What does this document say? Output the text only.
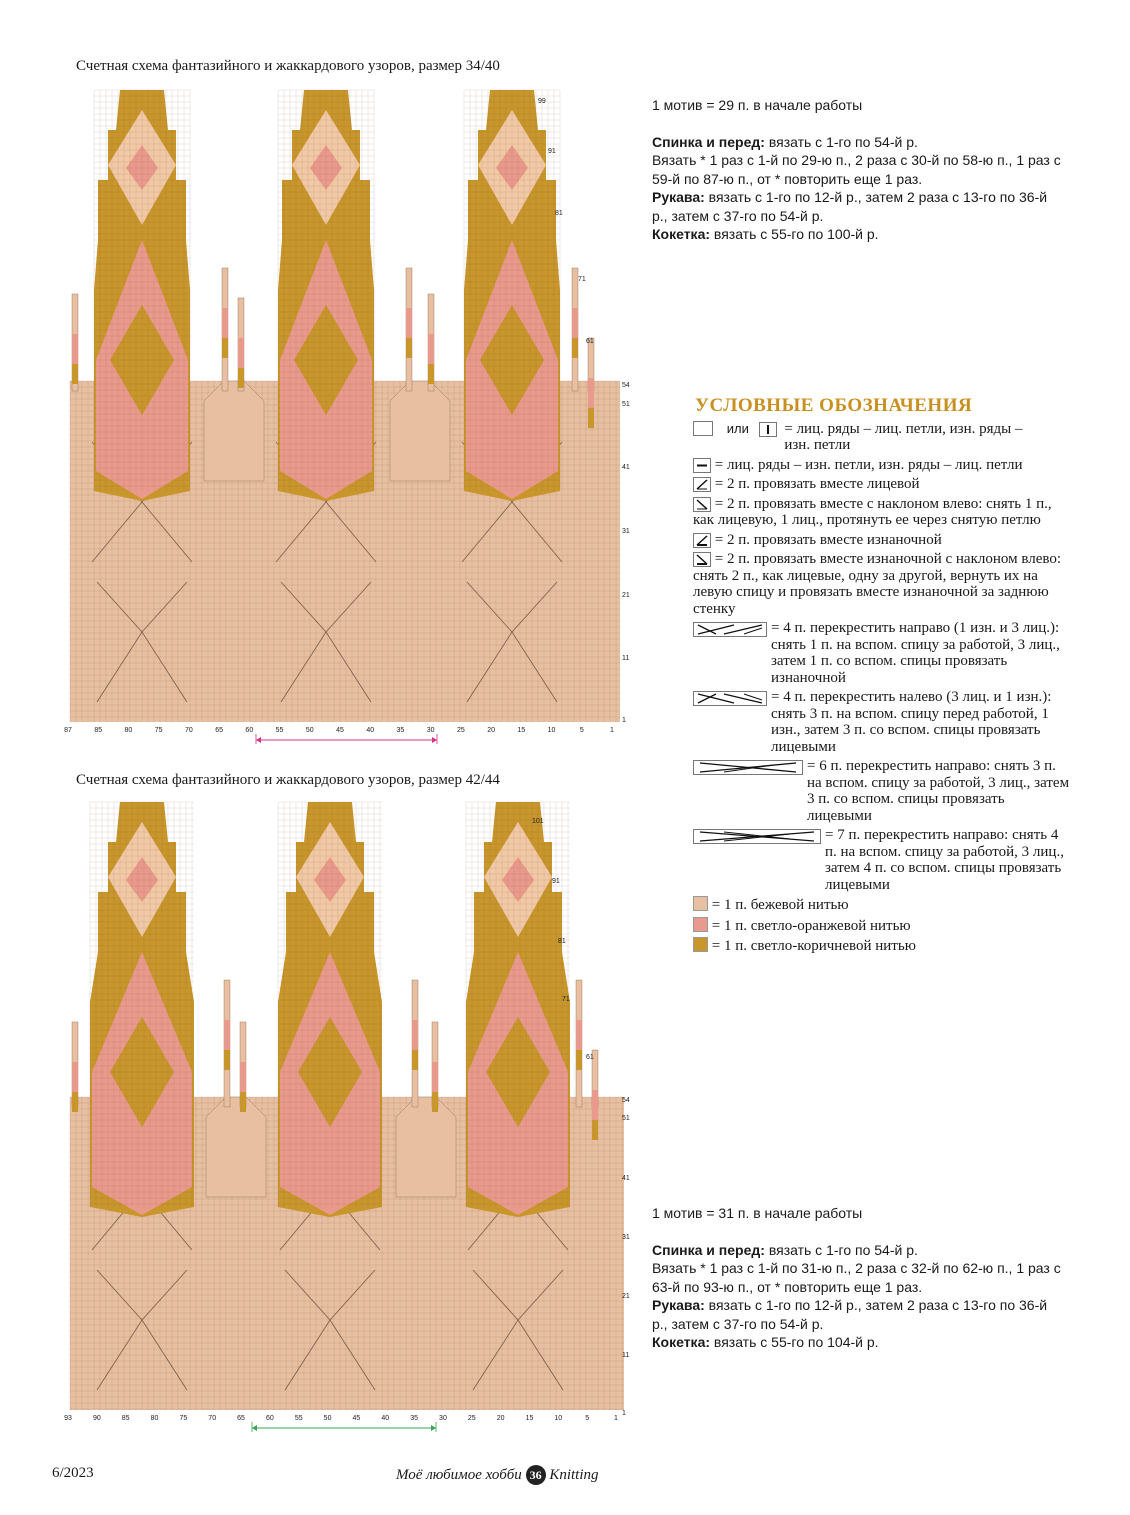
Счетная схема фантазийного и жаккардового узоров, размер 34/40
99
91
81
71
61
54
51
41
31
21
11
1
87	85	80	75	70	65	60	55	50	45	40	35	30	25	20	15	10	5	1
Счетная схема фантазийного и жаккардового узоров, размер 42/44
101
91
81
71
61
54
51
41
31
21
11
1
93	90	85	80	75	70	65	60	55	50	45	40	35	30	25	20	15	10	5	1

1 мотив = 29 п. в начале работы

Спинка и перед: вязать с 1-го по 54-й р.

Вязать * 1 раз с 1-й по 29-ю п., 2 раза с 30-й по 58-ю п., 1 раз с 59-й по 87-ю п., от * повторить еще 1 раз.

Рукава: вязать с 1-го по 12-й р., затем 2 раза с 13-го по 36-й р., затем с 37-го по 54-й р.

Кокетка: вязать с 55-го по 100-й р.

УСЛОВНЫЕ ОБОЗНАЧЕНИЯ
или = лиц. ряды – лиц. петли, изн. ряды – изн. петли
= лиц. ряды – изн. петли, изн. ряды – лиц. петли
= 2 п. провязать вместе лицевой
= 2 п. провязать вместе с наклоном влево: снять 1 п., как лицевую, 1 лиц., протянуть ее через снятую петлю
= 2 п. провязать вместе изнаночной
= 2 п. провязать вместе изнаночной с наклоном влево: снять 2 п., как лицевые, одну за другой, вернуть их на левую спицу и провязать вместе изнаночной за заднюю стенку
= 4 п. перекрестить направо (1 изн. и 3 лиц.): снять 1 п. на вспом. спицу за работой, 3 лиц., затем 1 п. со вспом. спицы провязать изнаночной
= 4 п. перекрестить налево (3 лиц. и 1 изн.): снять 3 п. на вспом. спицу перед работой, 1 изн., затем 3 п. со вспом. спицы провязать лицевыми
= 6 п. перекрестить направо: снять 3 п. на вспом. спицу за работой, 3 лиц., затем 3 п. со вспом. спицы провязать лицевыми
= 7 п. перекрестить направо: снять 4 п. на вспом. спицу за работой, 3 лиц., затем 4 п. со вспом. спицы провязать лицевыми
= 1 п. бежевой нитью
= 1 п. светло-оранжевой нитью
= 1 п. светло-коричневой нитью

1 мотив = 31 п. в начале работы

Спинка и перед: вязать с 1-го по 54-й р.

Вязать * 1 раз с 1-й по 31-ю п., 2 раза с 32-й по 62-ю п., 1 раз с 63-й по 93-ю п., от * повторить еще 1 раз.

Рукава: вязать с 1-го по 12-й р., затем 2 раза с 13-го по 36-й р., затем с 37-го по 54-й р.

Кокетка: вязать с 55-го по 104-й р.

6/2023	Моё любимое хобби 36 Knitting
